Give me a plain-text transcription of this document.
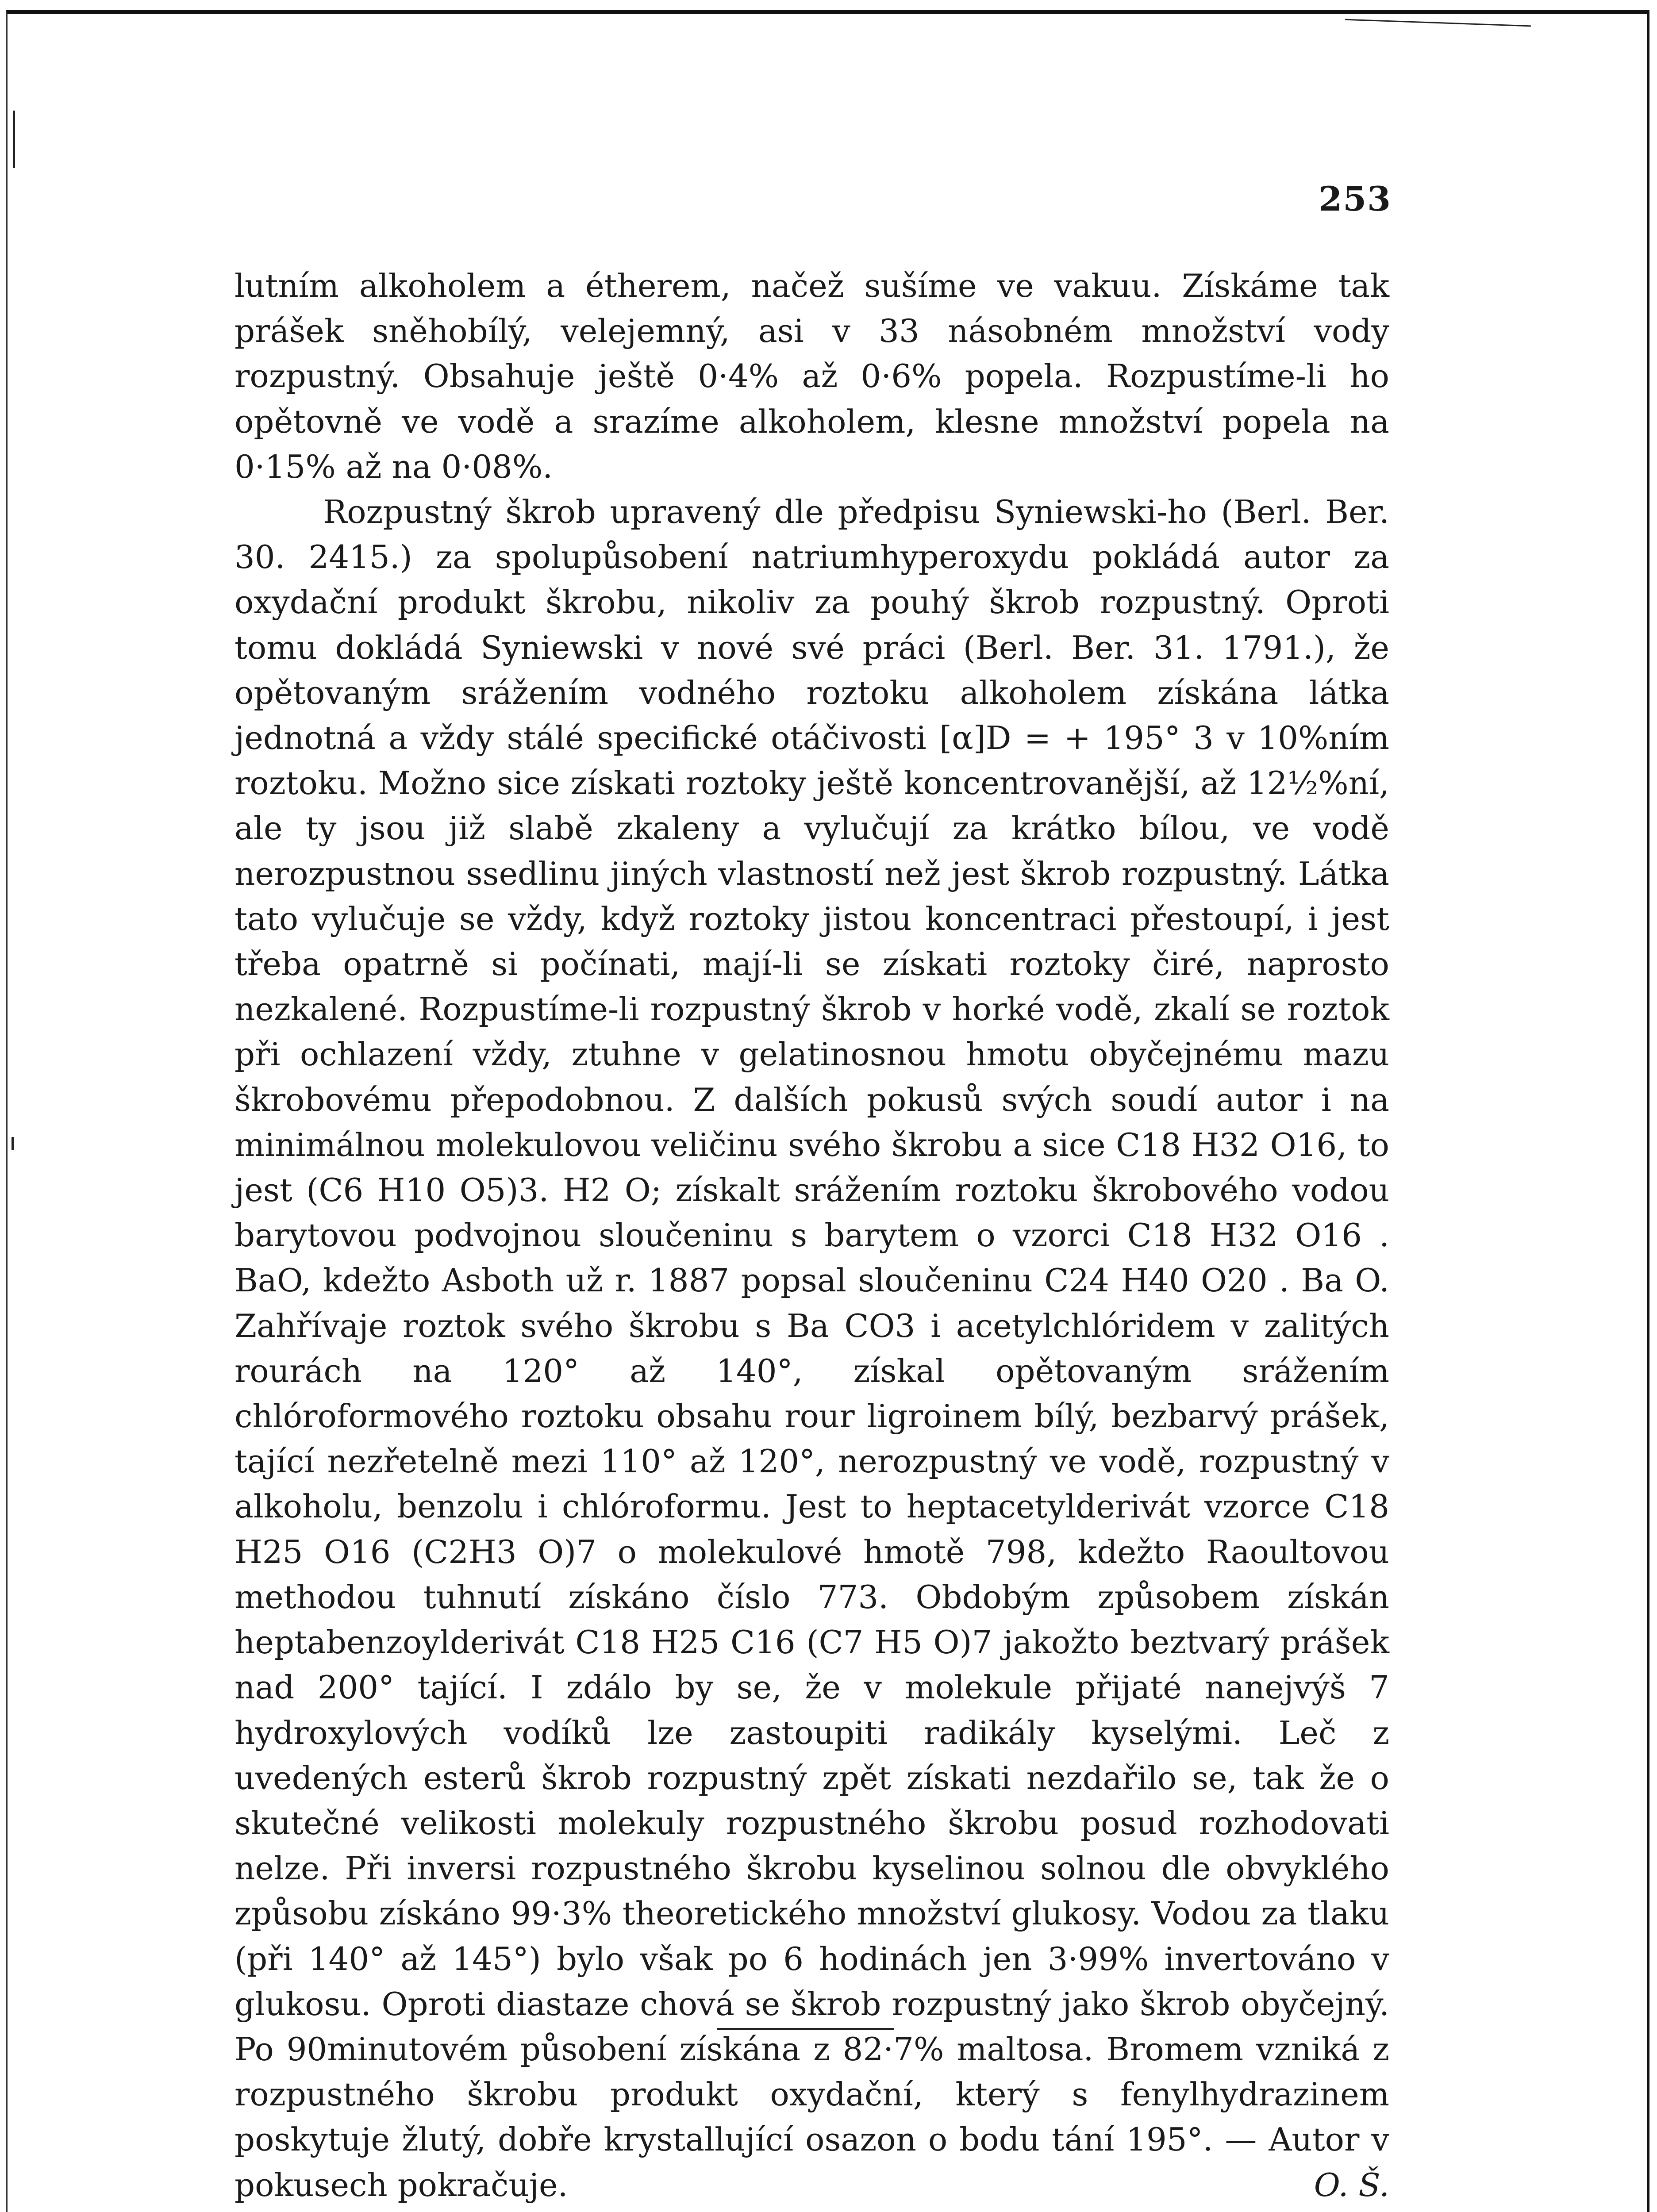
253

lutním alkoholem a étherem, načež sušíme ve vakuu. Získáme tak prášek sněhobílý, velejemný, asi v 33 násobném množství vody rozpustný. Obsahuje ještě 0·4% až 0·6% popela. Rozpustíme-li ho opětovně ve vodě a srazíme alkoholem, klesne množství popela na 0·15% až na 0·08%.

Rozpustný škrob upravený dle předpisu Syniewski-ho (Berl. Ber. 30. 2415.) za spolupůsobení natriumhyperoxydu pokládá autor za oxydační produkt škrobu, nikoliv za pouhý škrob rozpustný. Oproti tomu dokládá Syniewski v nové své práci (Berl. Ber. 31. 1791.), že opětovaným srážením vodného roztoku alkoholem získána látka jednotná a vždy stálé specifické otáčivosti [α]D = + 195° 3 v 10%ním roztoku. Možno sice získati roztoky ještě koncentrovanější, až 12½%ní, ale ty jsou již slabě zkaleny a vylučují za krátko bílou, ve vodě nerozpustnou ssedlinu jiných vlastností než jest škrob rozpustný. Látka tato vylučuje se vždy, když roztoky jistou koncentraci přestoupí, i jest třeba opatrně si počínati, mají-li se získati roztoky čiré, naprosto nezkalené. Rozpustíme-li rozpustný škrob v horké vodě, zkalí se roztok při ochlazení vždy, ztuhne v gelatinosnou hmotu obyčejnému mazu škrobovému přepodobnou. Z dalších pokusů svých soudí autor i na minimálnou molekulovou veličinu svého škrobu a sice C18 H32 O16, to jest (C6 H10 O5)3. H2 O; získalt srážením roztoku škrobového vodou barytovou podvojnou sloučeninu s barytem o vzorci C18 H32 O16 . BaO, kdežto Asboth už r. 1887 popsal sloučeninu C24 H40 O20 . Ba O. Zahřívaje roztok svého škrobu s Ba CO3 i acetylchlóridem v zalitých rourách na 120° až 140°, získal opětovaným srážením chlóroformového roztoku obsahu rour ligroinem bílý, bezbarvý prášek, tající nezřetelně mezi 110° až 120°, nerozpustný ve vodě, rozpustný v alkoholu, benzolu i chlóroformu. Jest to heptacetylderivát vzorce C18 H25 O16 (C2H3 O)7 o molekulové hmotě 798, kdežto Raoultovou methodou tuhnutí získáno číslo 773. Obdobým způsobem získán heptabenzoylderivát C18 H25 C16 (C7 H5 O)7 jakožto beztvarý prášek nad 200° tající. I zdálo by se, že v molekule přijaté nanejvýš 7 hydroxylových vodíků lze zastoupiti radikály kyselými. Leč z uvedených esterů škrob rozpustný zpět získati nezdařilo se, tak že o skutečné velikosti molekuly rozpustného škrobu posud rozhodovati nelze. Při inversi rozpustného škrobu kyselinou solnou dle obvyklého způsobu získáno 99·3% theoretického množství glukosy. Vodou za tlaku (při 140° až 145°) bylo však po 6 hodinách jen 3·99% invertováno v glukosu. Oproti diastaze chová se škrob rozpustný jako škrob obyčejný. Po 90minutovém působení získána z 82·7% maltosa. Bromem vzniká z rozpustného škrobu produkt oxydační, který s fenylhydrazinem poskytuje žlutý, dobře krystallující osazon o bodu tání 195°. — Autor v pokusech pokračuje.	O. Š.
